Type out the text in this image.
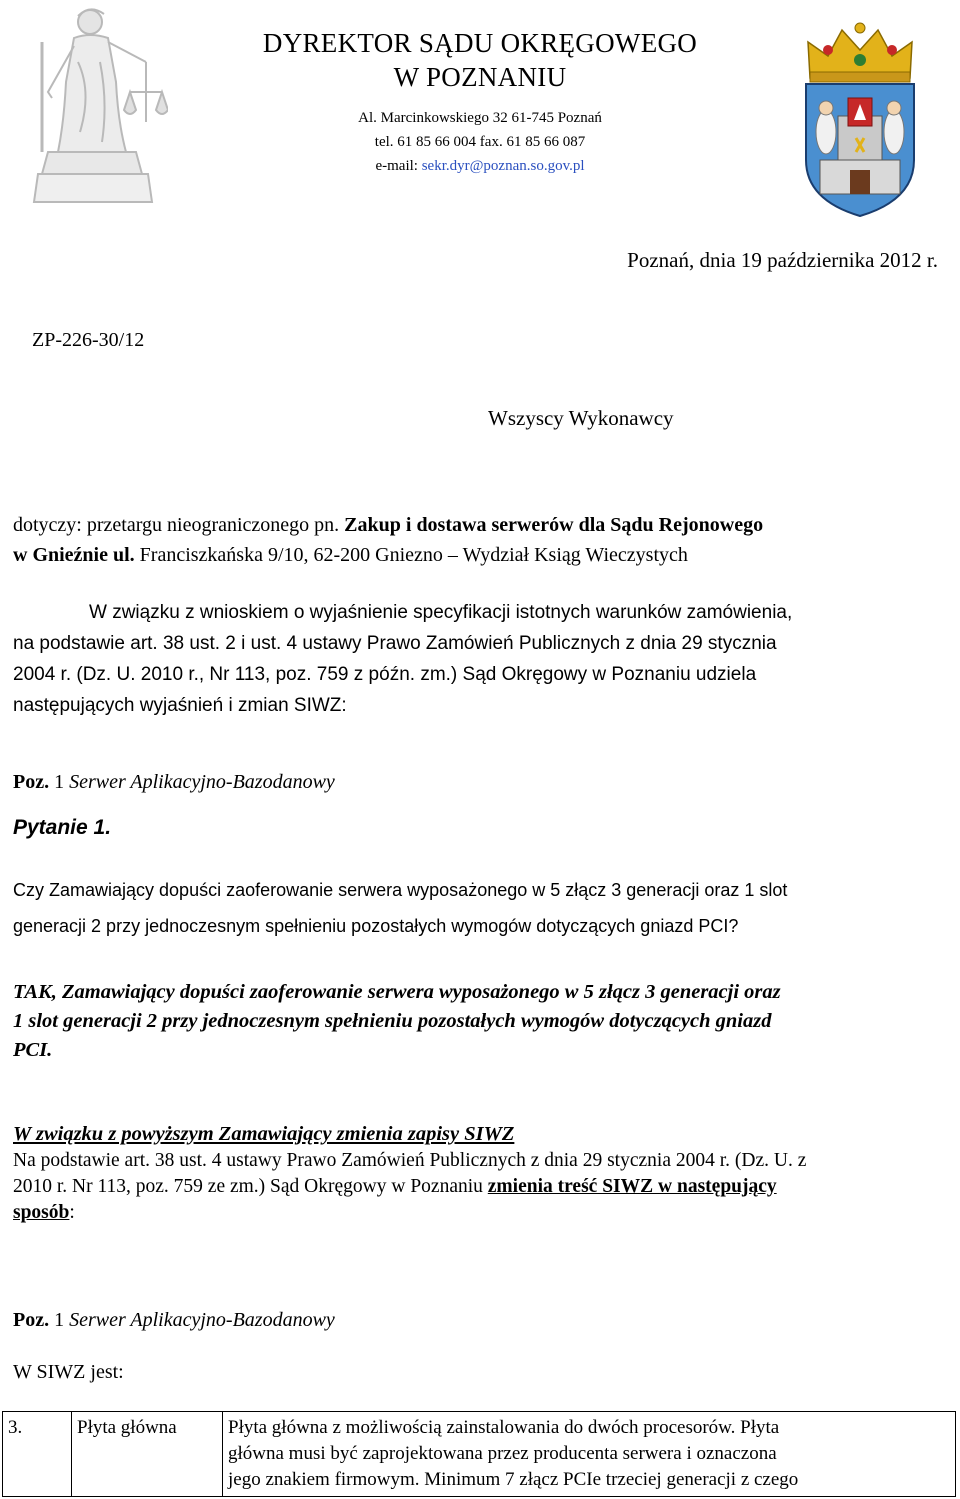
DYREKTOR SĄDU OKRĘGOWEGO
W POZNANIU
Al. Marcinkowskiego 32 61-745 Poznań
tel. 61 85 66 004 fax. 61 85 66 087
e-mail: sekr.dyr@poznan.so.gov.pl
Poznań, dnia 19 października 2012 r.
ZP-226-30/12
Wszyscy Wykonawcy
dotyczy: przetargu nieograniczonego pn. Zakup i dostawa serwerów dla Sądu Rejonowego
w Gnieźnie ul. Franciszkańska 9/10, 62-200 Gniezno – Wydział Ksiąg Wieczystych
W związku z wnioskiem o wyjaśnienie specyfikacji istotnych warunków zamówienia,
na podstawie art. 38 ust. 2 i ust. 4 ustawy Prawo Zamówień Publicznych z dnia 29 stycznia
2004 r. (Dz. U. 2010 r., Nr 113, poz. 759 z późn. zm.) Sąd Okręgowy w Poznaniu udziela
następujących wyjaśnień i zmian SIWZ:
Poz. 1 Serwer Aplikacyjno-Bazodanowy
Pytanie 1.
Czy Zamawiający dopuści zaoferowanie serwera wyposażonego w 5 złącz 3 generacji oraz 1 slot
generacji 2 przy jednoczesnym spełnieniu pozostałych wymogów dotyczących gniazd PCI?
TAK, Zamawiający dopuści zaoferowanie serwera wyposażonego w 5 złącz 3 generacji oraz
1 slot generacji 2 przy jednoczesnym spełnieniu pozostałych wymogów dotyczących gniazd
PCI.
W związku z powyższym Zamawiający zmienia zapisy SIWZ
Na podstawie art. 38 ust. 4 ustawy Prawo Zamówień Publicznych z dnia 29 stycznia 2004 r. (Dz. U. z
2010 r. Nr 113, poz. 759 ze zm.) Sąd Okręgowy w Poznaniu zmienia treść SIWZ w następujący
sposób:
Poz. 1 Serwer Aplikacyjno-Bazodanowy
W SIWZ jest:
3.	Płyta główna	Płyta główna z możliwością zainstalowania do dwóch procesorów. Płyta
główna musi być zaprojektowana przez producenta serwera i oznaczona
jego znakiem firmowym. Minimum 7 złącz PCIe trzeciej generacji z czego
